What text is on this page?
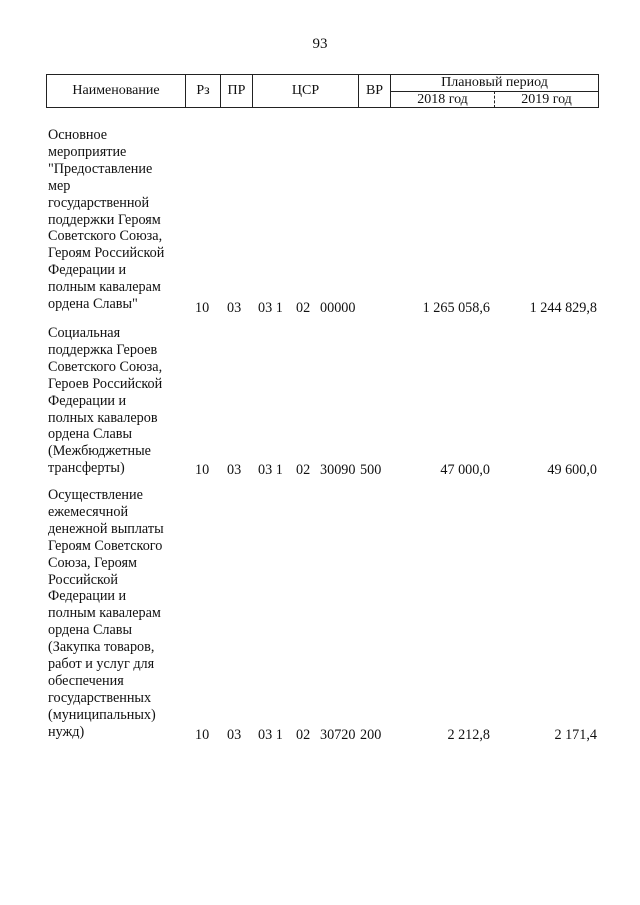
93
Наименование	Рз	ПР	ЦСР	ВР
Плановый период
2018 год	2019 год
Основное
мероприятие
"Предоставление
мер
государственной
поддержки Героям
Советского Союза,
Героям Российской
Федерации и
полным кавалерам
ордена Славы"	10 03 03 1 02 00000	1 265 058,6	1 244 829,8
Социальная
поддержка Героев
Советского Союза,
Героев Российской
Федерации и
полных кавалеров
ордена Славы
(Межбюджетные
трансферты)	10 03 03 1 02 30090 500	47 000,0	49 600,0
Осуществление
ежемесячной
денежной выплаты
Героям Советского
Союза, Героям
Российской
Федерации и
полным кавалерам
ордена Славы
(Закупка товаров,
работ и услуг для
обеспечения
государственных
(муниципальных)
нужд)	10 03 03 1 02 30720 200	2 212,8	2 171,4
